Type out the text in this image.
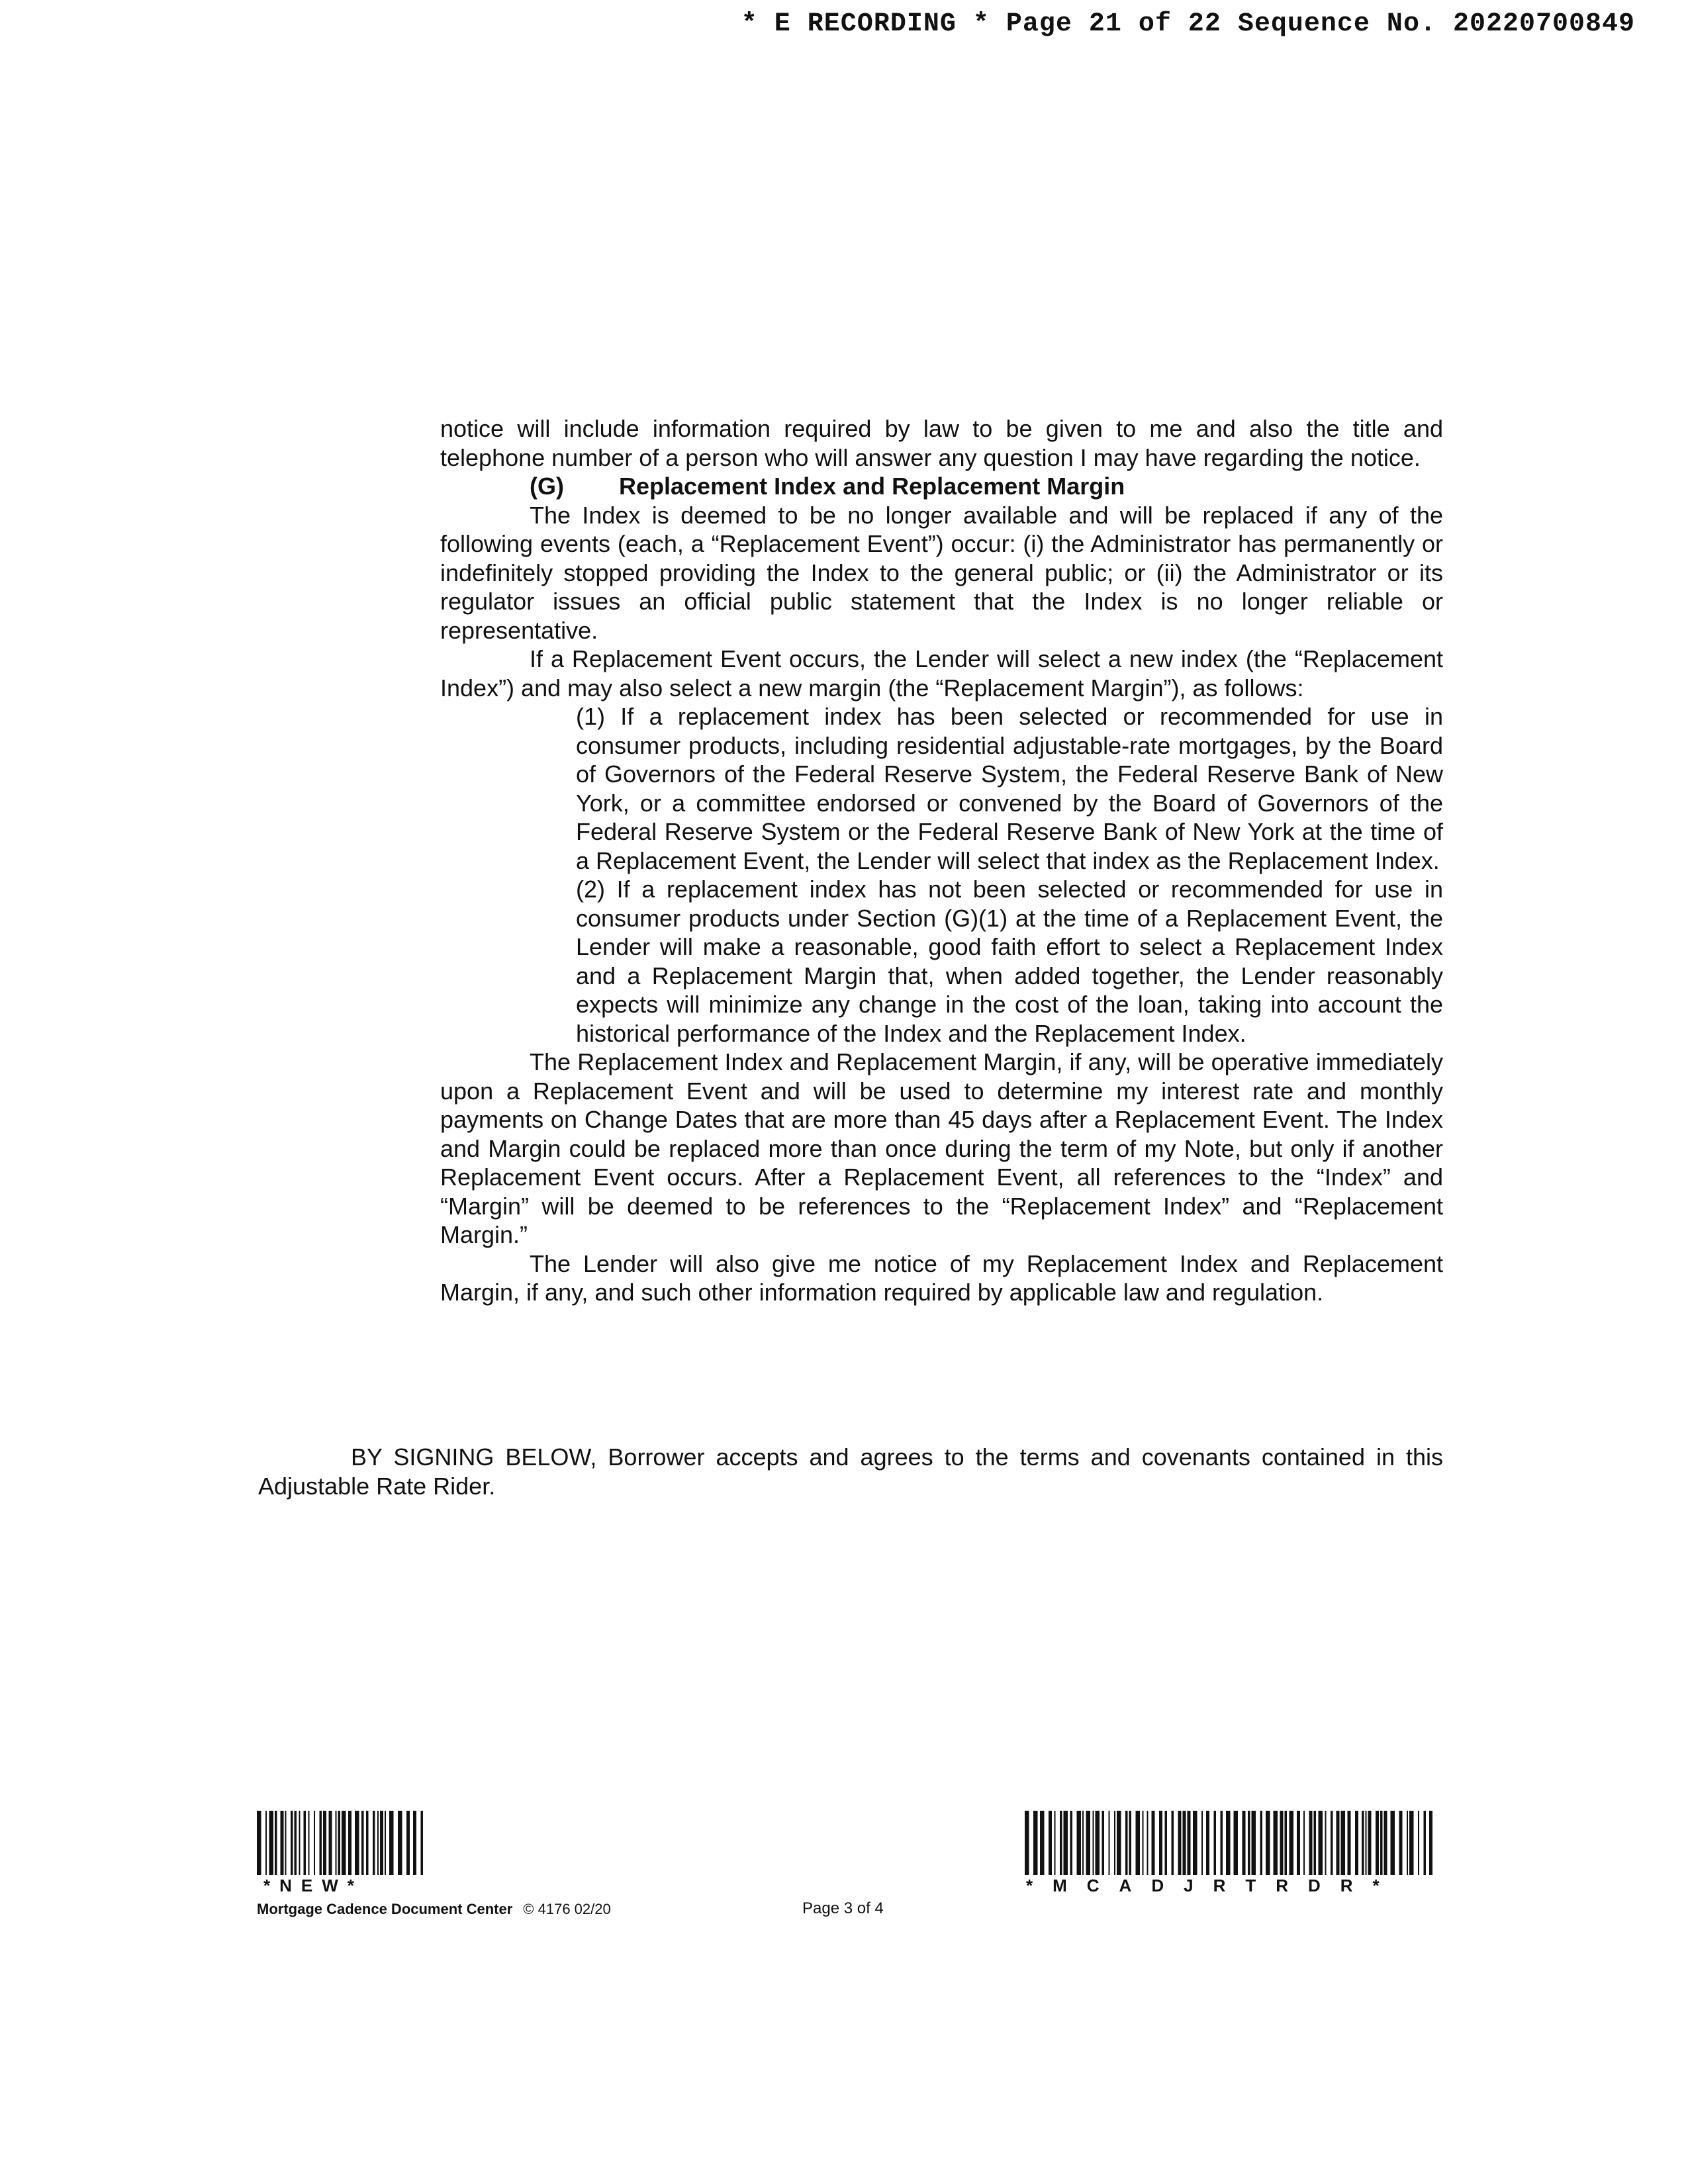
* E RECORDING * Page 21 of 22 Sequence No. 20220700849

notice will include information required by law to be given to me and also the title and telephone number of a person who will answer any question I may have regarding the notice.

(G) Replacement Index and Replacement Margin

The Index is deemed to be no longer available and will be replaced if any of the following events (each, a “Replacement Event”) occur: (i) the Administrator has permanently or indefinitely stopped providing the Index to the general public; or (ii) the Administrator or its regulator issues an official public statement that the Index is no longer reliable or representative.

If a Replacement Event occurs, the Lender will select a new index (the “Replacement Index”) and may also select a new margin (the “Replacement Margin”), as follows:

(1) If a replacement index has been selected or recommended for use in consumer products, including residential adjustable-rate mortgages, by the Board of Governors of the Federal Reserve System, the Federal Reserve Bank of New York, or a committee endorsed or convened by the Board of Governors of the Federal Reserve System or the Federal Reserve Bank of New York at the time of a Replacement Event, the Lender will select that index as the Replacement Index.

(2) If a replacement index has not been selected or recommended for use in consumer products under Section (G)(1) at the time of a Replacement Event, the Lender will make a reasonable, good faith effort to select a Replacement Index and a Replacement Margin that, when added together, the Lender reasonably expects will minimize any change in the cost of the loan, taking into account the historical performance of the Index and the Replacement Index.

The Replacement Index and Replacement Margin, if any, will be operative immediately upon a Replacement Event and will be used to determine my interest rate and monthly payments on Change Dates that are more than 45 days after a Replacement Event. The Index and Margin could be replaced more than once during the term of my Note, but only if another Replacement Event occurs. After a Replacement Event, all references to the “Index” and “Margin” will be deemed to be references to the “Replacement Index” and “Replacement Margin.”

The Lender will also give me notice of my Replacement Index and Replacement Margin, if any, and such other information required by applicable law and regulation.

BY SIGNING BELOW, Borrower accepts and agrees to the terms and covenants contained in this Adjustable Rate Rider.

*NEW*	*MCADJRTRDR*
Mortgage Cadence Document Center © 4176 02/20	Page 3 of 4
